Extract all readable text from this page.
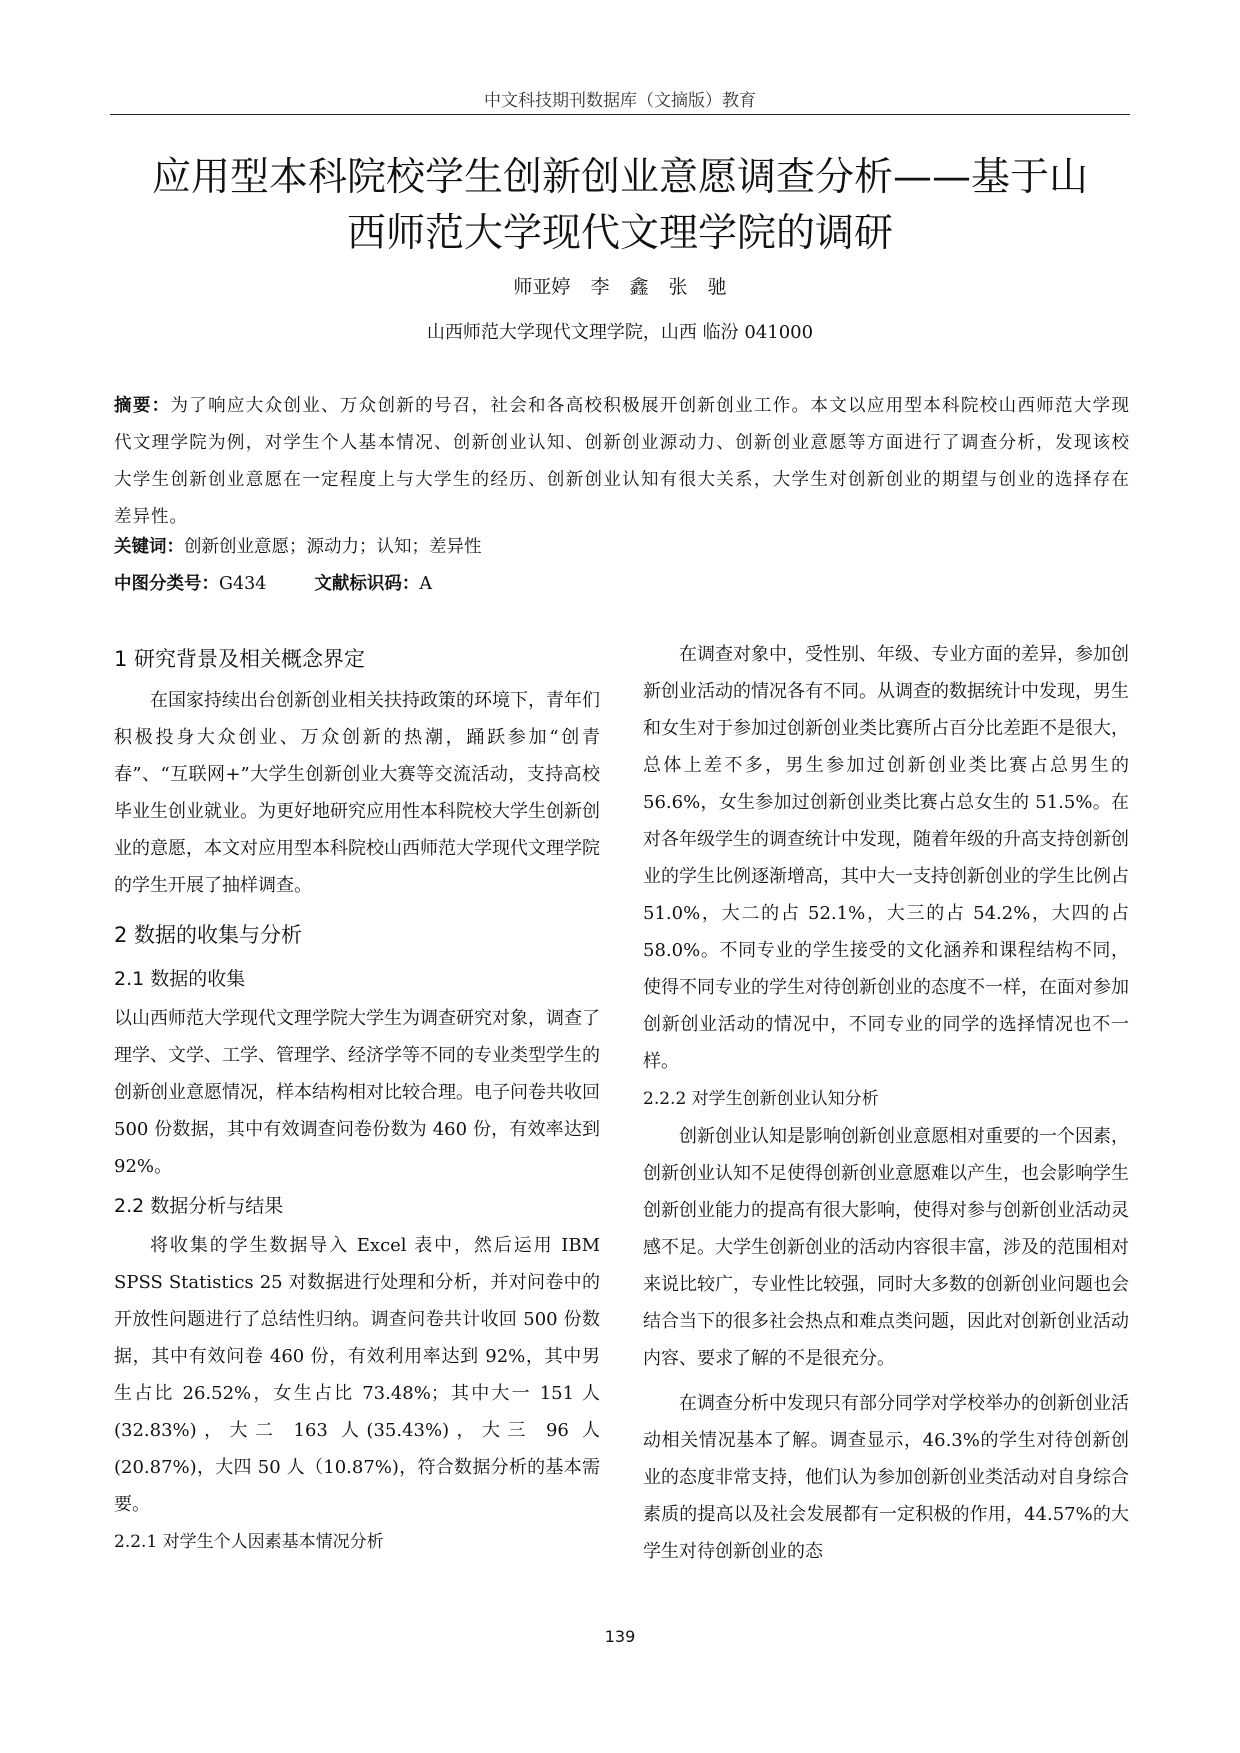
中文科技期刊数据库（文摘版）教育
应用型本科院校学生创新创业意愿调查分析——基于山
西师范大学现代文理学院的调研
师亚婷 李 鑫 张 驰
山西师范大学现代文理学院，山西 临汾 041000
摘要：为了响应大众创业、万众创新的号召，社会和各高校积极展开创新创业工作。本文以应用型本科院校山西师范大学现代文理学院为例，对学生个人基本情况、创新创业认知、创新创业源动力、创新创业意愿等方面进行了调查分析，发现该校大学生创新创业意愿在一定程度上与大学生的经历、创新创业认知有很大关系，大学生对创新创业的期望与创业的选择存在差异性。
关键词：创新创业意愿；源动力；认知；差异性
中图分类号：G434	文献标识码：A

1 研究背景及相关概念界定

在国家持续出台创新创业相关扶持政策的环境下，青年们积极投身大众创业、万众创新的热潮，踊跃参加“创青春”、“互联网+”大学生创新创业大赛等交流活动，支持高校毕业生创业就业。为更好地研究应用性本科院校大学生创新创业的意愿，本文对应用型本科院校山西师范大学现代文理学院的学生开展了抽样调查。

2 数据的收集与分析

2.1 数据的收集

以山西师范大学现代文理学院大学生为调查研究对象，调查了理学、文学、工学、管理学、经济学等不同的专业类型学生的创新创业意愿情况，样本结构相对比较合理。电子问卷共收回 500 份数据，其中有效调查问卷份数为 460 份，有效率达到 92%。

2.2 数据分析与结果

将收集的学生数据导入 Excel 表中，然后运用 IBM SPSS Statistics 25 对数据进行处理和分析，并对问卷中的开放性问题进行了总结性归纳。调查问卷共计收回 500 份数据，其中有效问卷 460 份，有效利用率达到 92%，其中男生占比 26.52%，女生占比 73.48%；其中大一 151 人 (32.83%)，大二 163 人(35.43%)，大三 96 人(20.87%)，大四 50 人（10.87%)，符合数据分析的基本需要。

2.2.1 对学生个人因素基本情况分析

在调查对象中，受性别、年级、专业方面的差异，参加创新创业活动的情况各有不同。从调查的数据统计中发现，男生和女生对于参加过创新创业类比赛所占百分比差距不是很大，总体上差不多，男生参加过创新创业类比赛占总男生的 56.6%，女生参加过创新创业类比赛占总女生的 51.5%。在对各年级学生的调查统计中发现，随着年级的升高支持创新创业的学生比例逐渐增高，其中大一支持创新创业的学生比例占 51.0%，大二的占 52.1%，大三的占 54.2%，大四的占 58.0%。不同专业的学生接受的文化涵养和课程结构不同，使得不同专业的学生对待创新创业的态度不一样，在面对参加创新创业活动的情况中，不同专业的同学的选择情况也不一样。

2.2.2 对学生创新创业认知分析

创新创业认知是影响创新创业意愿相对重要的一个因素，创新创业认知不足使得创新创业意愿难以产生，也会影响学生创新创业能力的提高有很大影响，使得对参与创新创业活动灵感不足。大学生创新创业的活动内容很丰富，涉及的范围相对来说比较广，专业性比较强，同时大多数的创新创业问题也会结合当下的很多社会热点和难点类问题，因此对创新创业活动内容、要求了解的不是很充分。

在调查分析中发现只有部分同学对学校举办的创新创业活动相关情况基本了解。调查显示，46.3%的学生对待创新创业的态度非常支持，他们认为参加创新创业类活动对自身综合素质的提高以及社会发展都有一定积极的作用，44.57%的大学生对待创新创业的态

139
